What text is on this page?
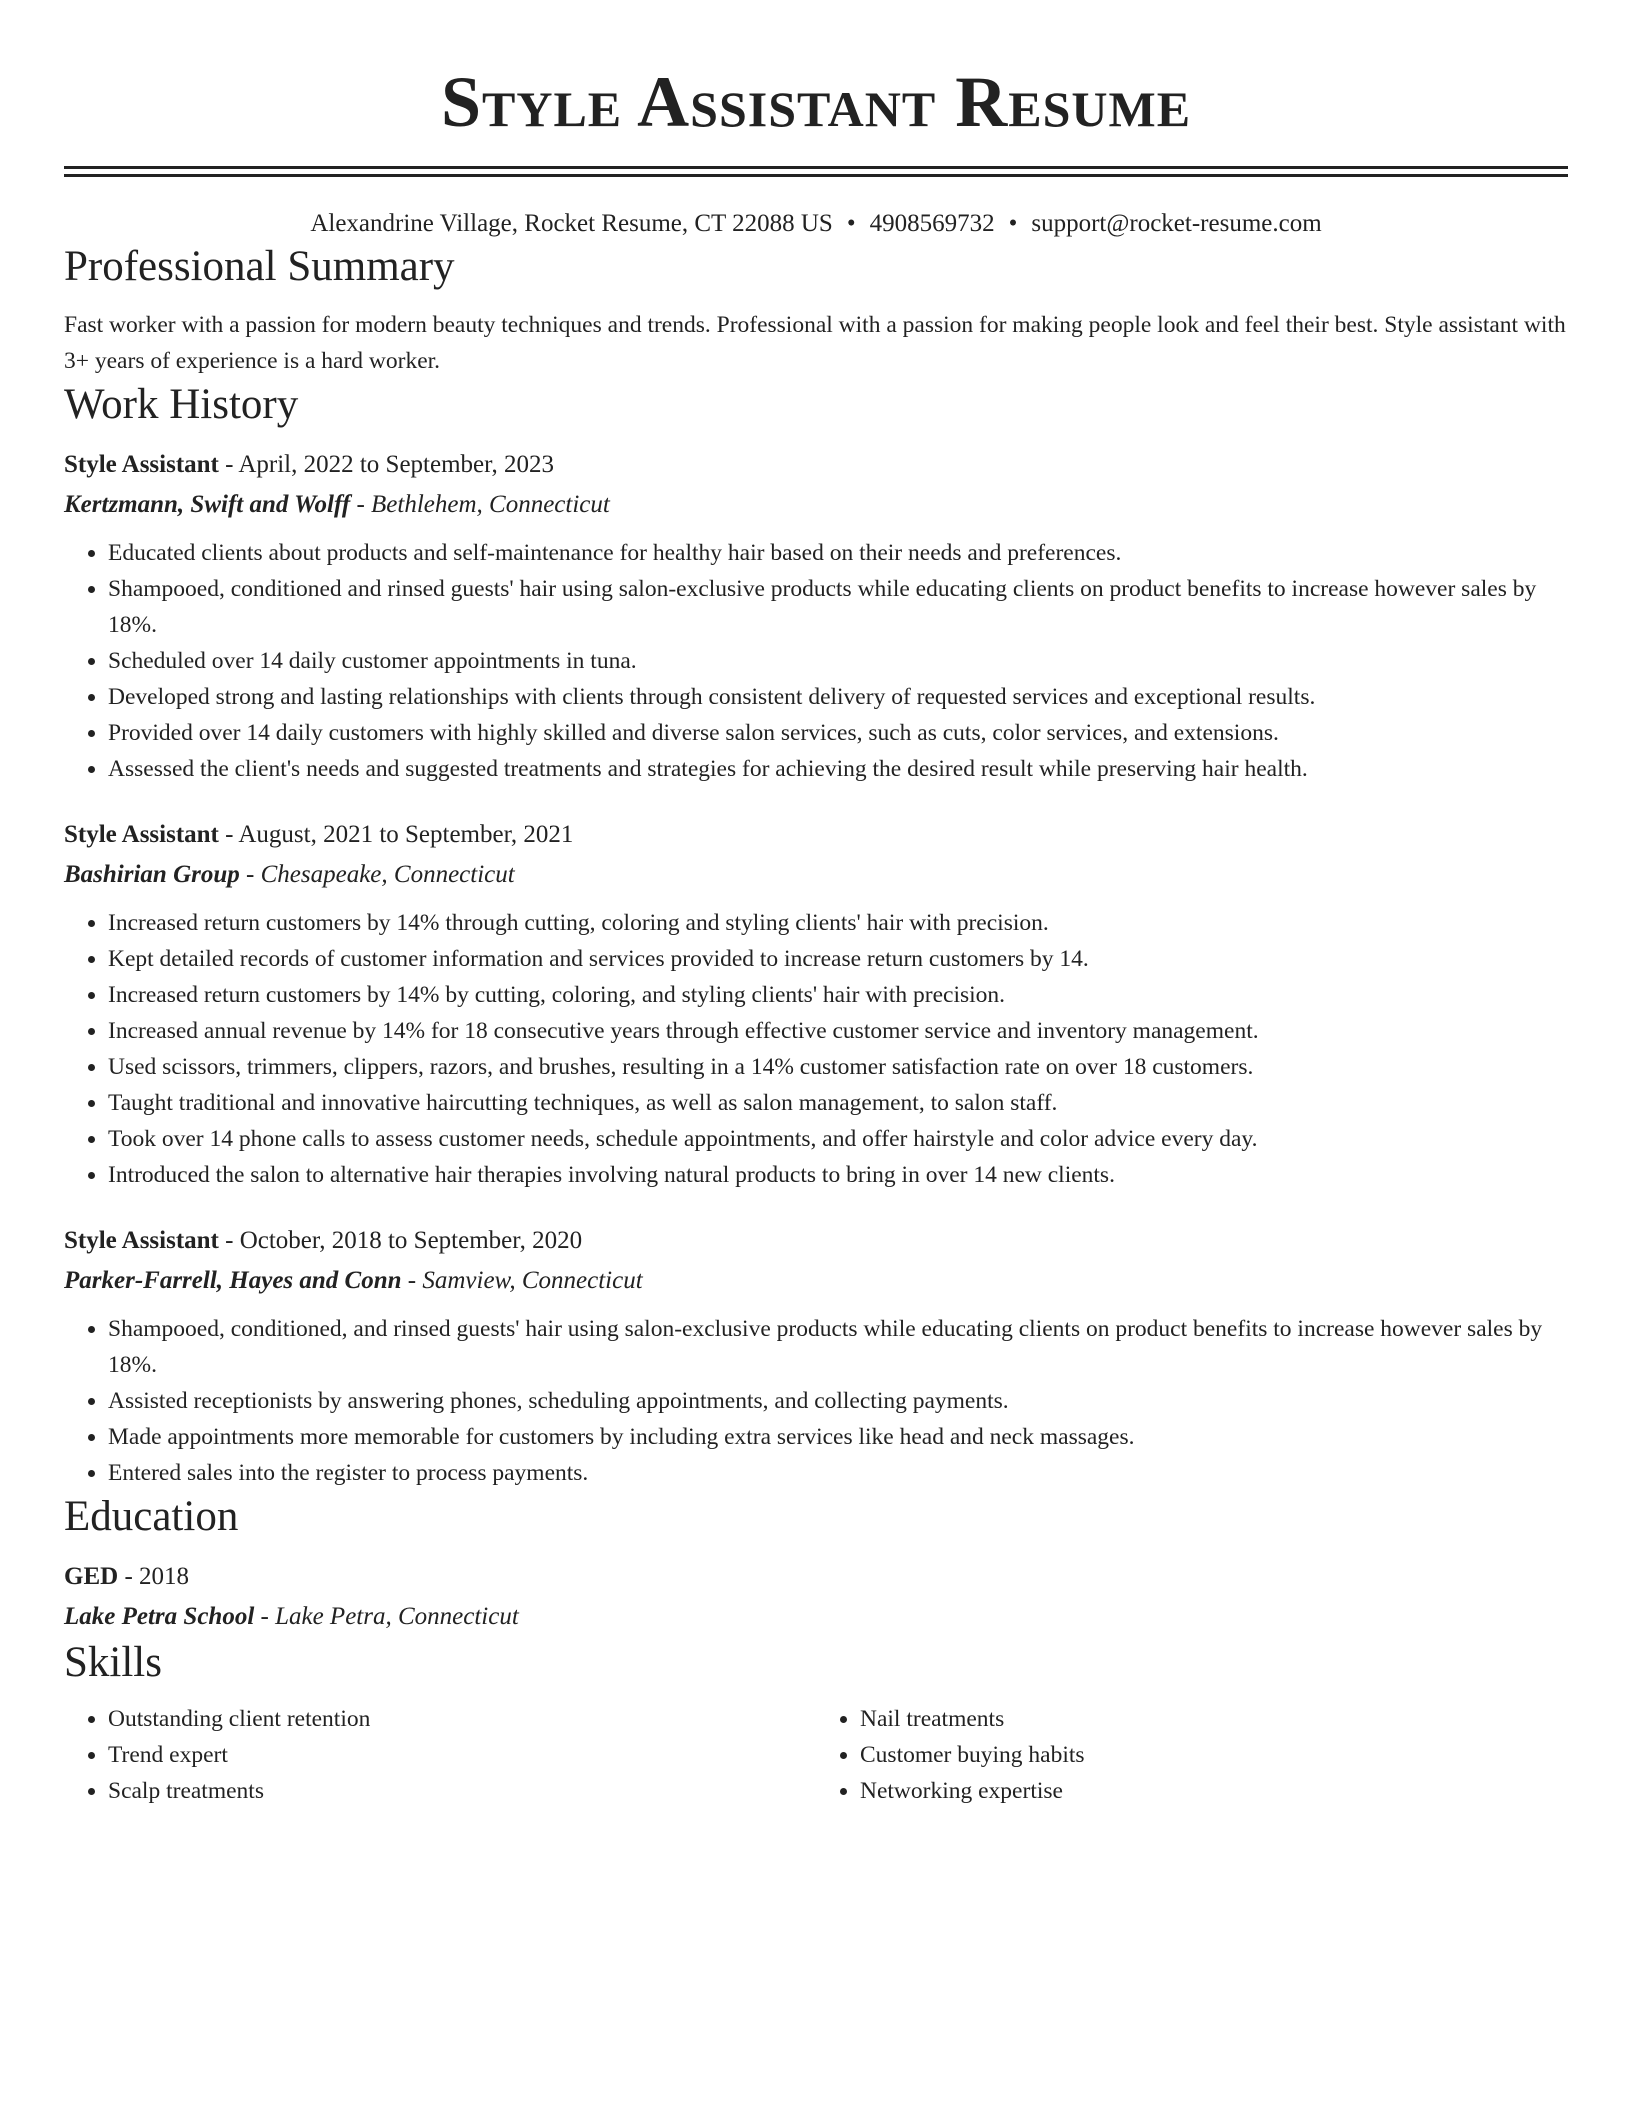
Style Assistant Resume
Alexandrine Village, Rocket Resume, CT 22088 US • 4908569732 • support@rocket-resume.com
Professional Summary
Fast worker with a passion for modern beauty techniques and trends. Professional with a passion for making people look and feel their best. Style assistant with 3+ years of experience is a hard worker.
Work History
Style Assistant - April, 2022 to September, 2023
Kertzmann, Swift and Wolff - Bethlehem, Connecticut
• Educated clients about products and self-maintenance for healthy hair based on their needs and preferences.
• Shampooed, conditioned and rinsed guests' hair using salon-exclusive products while educating clients on product benefits to increase however sales by 18%.
• Scheduled over 14 daily customer appointments in tuna.
• Developed strong and lasting relationships with clients through consistent delivery of requested services and exceptional results.
• Provided over 14 daily customers with highly skilled and diverse salon services, such as cuts, color services, and extensions.
• Assessed the client's needs and suggested treatments and strategies for achieving the desired result while preserving hair health.
Style Assistant - August, 2021 to September, 2021
Bashirian Group - Chesapeake, Connecticut
• Increased return customers by 14% through cutting, coloring and styling clients' hair with precision.
• Kept detailed records of customer information and services provided to increase return customers by 14.
• Increased return customers by 14% by cutting, coloring, and styling clients' hair with precision.
• Increased annual revenue by 14% for 18 consecutive years through effective customer service and inventory management.
• Used scissors, trimmers, clippers, razors, and brushes, resulting in a 14% customer satisfaction rate on over 18 customers.
• Taught traditional and innovative haircutting techniques, as well as salon management, to salon staff.
• Took over 14 phone calls to assess customer needs, schedule appointments, and offer hairstyle and color advice every day.
• Introduced the salon to alternative hair therapies involving natural products to bring in over 14 new clients.
Style Assistant - October, 2018 to September, 2020
Parker-Farrell, Hayes and Conn - Samview, Connecticut
• Shampooed, conditioned, and rinsed guests' hair using salon-exclusive products while educating clients on product benefits to increase however sales by 18%.
• Assisted receptionists by answering phones, scheduling appointments, and collecting payments.
• Made appointments more memorable for customers by including extra services like head and neck massages.
• Entered sales into the register to process payments.
Education
GED - 2018
Lake Petra School - Lake Petra, Connecticut
Skills
• Outstanding client retention
• Trend expert
• Scalp treatments
• Nail treatments
• Customer buying habits
• Networking expertise
